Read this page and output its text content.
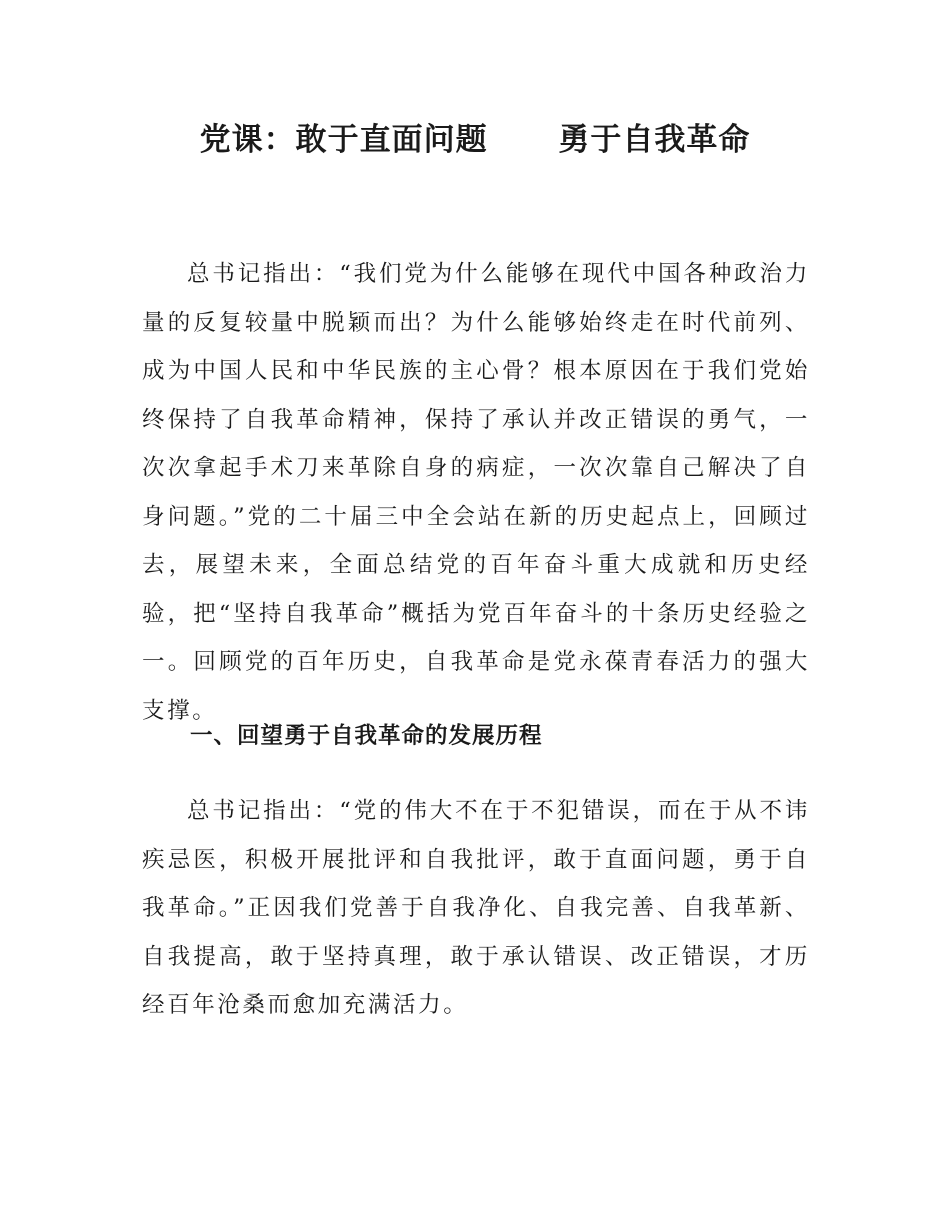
党课：敢于直面问题      勇于自我革命

总书记指出：“我们党为什么能够在现代中国各种政治力量的反复较量中脱颖而出？为什么能够始终走在时代前列、成为中国人民和中华民族的主心骨？根本原因在于我们党始终保持了自我革命精神，保持了承认并改正错误的勇气，一次次拿起手术刀来革除自身的病症，一次次靠自己解决了自身问题。”党的二十届三中全会站在新的历史起点上，回顾过去，展望未来，全面总结党的百年奋斗重大成就和历史经验，把“坚持自我革命”概括为党百年奋斗的十条历史经验之一。回顾党的百年历史，自我革命是党永葆青春活力的强大支撑。

一、回望勇于自我革命的发展历程

总书记指出：“党的伟大不在于不犯错误，而在于从不讳疾忌医，积极开展批评和自我批评，敢于直面问题，勇于自我革命。”正因我们党善于自我净化、自我完善、自我革新、自我提高，敢于坚持真理，敢于承认错误、改正错误，才历经百年沧桑而愈加充满活力。
